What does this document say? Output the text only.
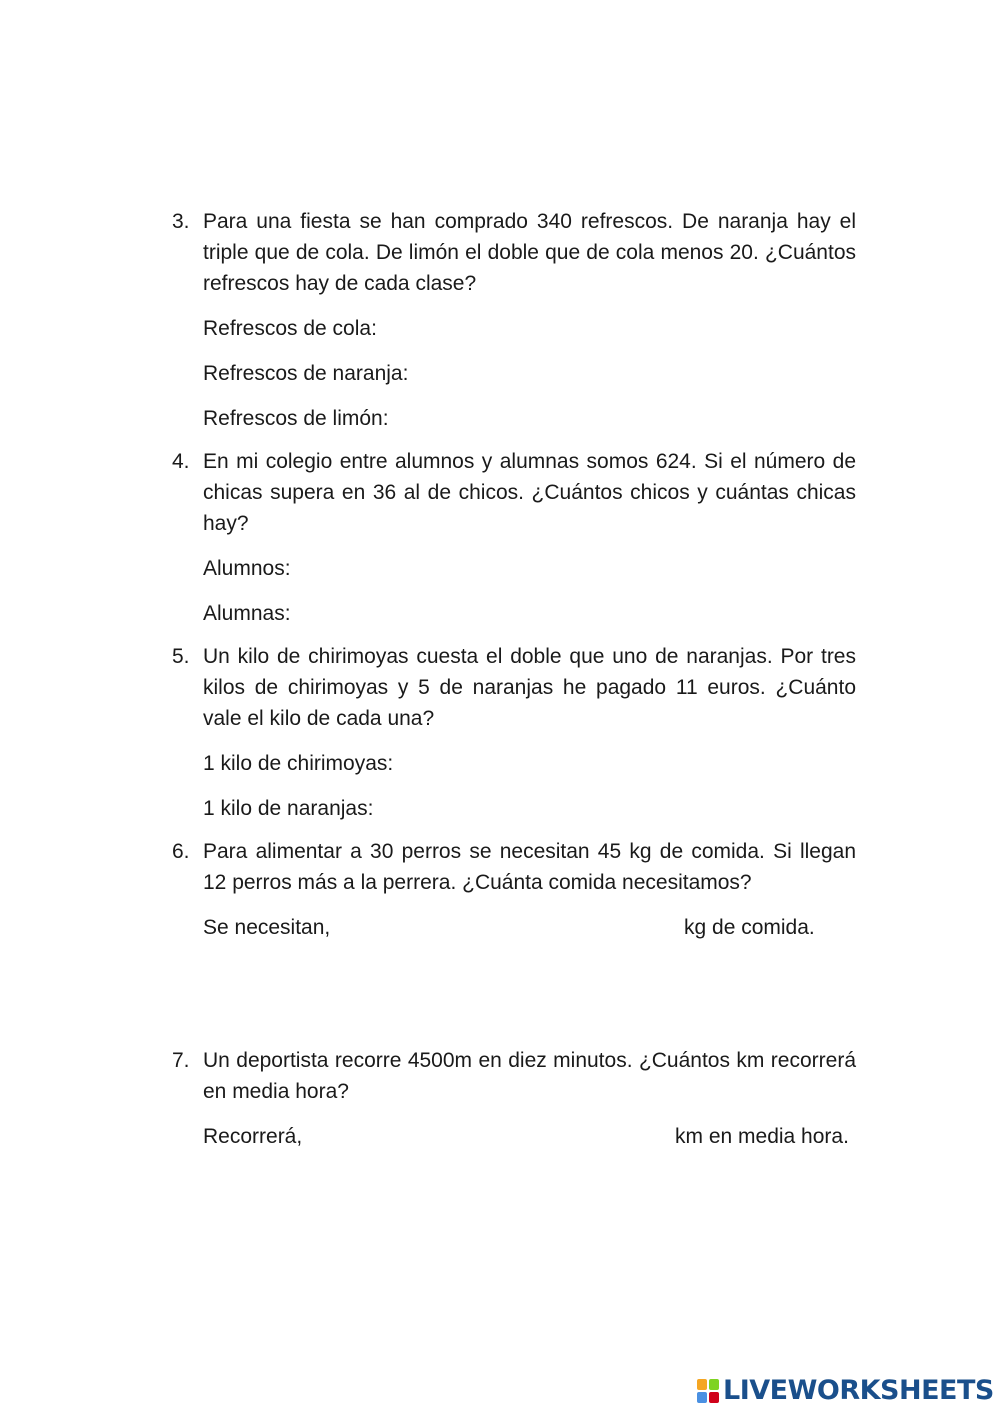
3. Para una fiesta se han comprado 340 refrescos. De naranja hay el triple que de cola. De limón el doble que de cola menos 20. ¿Cuántos refrescos hay de cada clase?
Refrescos de cola:
Refrescos de naranja:
Refrescos de limón:
4. En mi colegio entre alumnos y alumnas somos 624. Si el número de chicas supera en 36 al de chicos. ¿Cuántos chicos y cuántas chicas hay?
Alumnos:
Alumnas:
5. Un kilo de chirimoyas cuesta el doble que uno de naranjas. Por tres kilos de chirimoyas y 5 de naranjas he pagado 11 euros. ¿Cuánto vale el kilo de cada una?
1 kilo de chirimoyas:
1 kilo de naranjas:
6. Para alimentar a 30 perros se necesitan 45 kg de comida. Si llegan 12 perros más a la perrera. ¿Cuánta comida necesitamos?
Se necesitan,	kg de comida.
7. Un deportista recorre 4500m en diez minutos. ¿Cuántos km recorrerá en media hora?
Recorrerá,	km en media hora.
LIVEWORKSHEETS
